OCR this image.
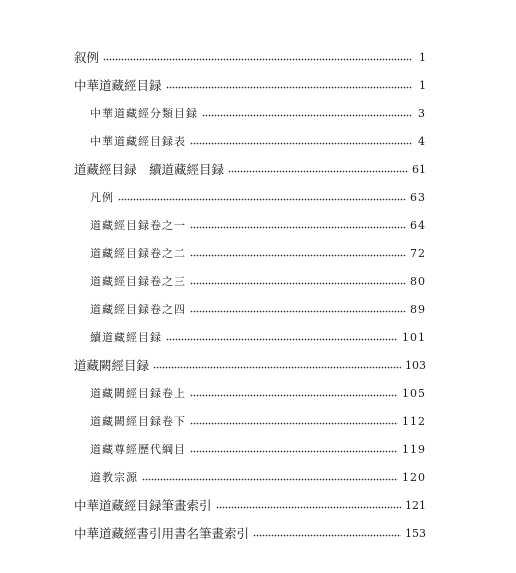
叙例	1
中華道藏經目録	1
中華道藏經分類目録	3
中華道藏經目録表	4
道藏經目録　續道藏經目録	61
凡例	63
道藏經目録卷之一	64
道藏經目録卷之二	72
道藏經目録卷之三	80
道藏經目録卷之四	89
續道藏經目録	101
道藏闕經目録	103
道藏闕經目録卷上	105
道藏闕經目録卷下	112
道藏尊經歷代綱目	119
道教宗源	120
中華道藏經目録筆畫索引	121
中華道藏經書引用書名筆畫索引	153
